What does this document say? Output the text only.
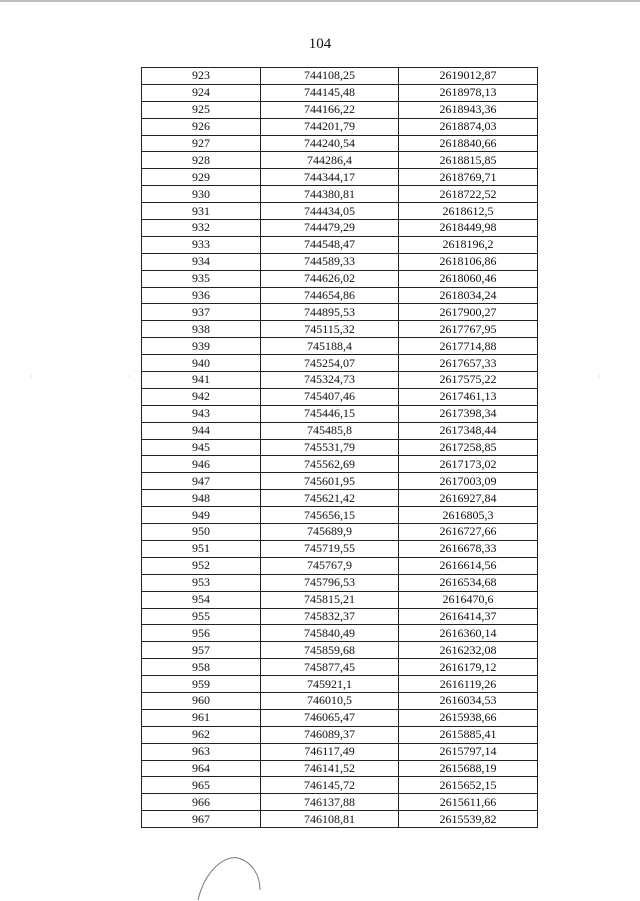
104
923	744108,25	2619012,87
924	744145,48	2618978,13
925	744166,22	2618943,36
926	744201,79	2618874,03
927	744240,54	2618840,66
928	744286,4	2618815,85
929	744344,17	2618769,71
930	744380,81	2618722,52
931	744434,05	2618612,5
932	744479,29	2618449,98
933	744548,47	2618196,2
934	744589,33	2618106,86
935	744626,02	2618060,46
936	744654,86	2618034,24
937	744895,53	2617900,27
938	745115,32	2617767,95
939	745188,4	2617714,88
940	745254,07	2617657,33
941	745324,73	2617575,22
942	745407,46	2617461,13
943	745446,15	2617398,34
944	745485,8	2617348,44
945	745531,79	2617258,85
946	745562,69	2617173,02
947	745601,95	2617003,09
948	745621,42	2616927,84
949	745656,15	2616805,3
950	745689,9	2616727,66
951	745719,55	2616678,33
952	745767,9	2616614,56
953	745796,53	2616534,68
954	745815,21	2616470,6
955	745832,37	2616414,37
956	745840,49	2616360,14
957	745859,68	2616232,08
958	745877,45	2616179,12
959	745921,1	2616119,26
960	746010,5	2616034,53
961	746065,47	2615938,66
962	746089,37	2615885,41
963	746117,49	2615797,14
964	746141,52	2615688,19
965	746145,72	2615652,15
966	746137,88	2615611,66
967	746108,81	2615539,82
·	·	·
